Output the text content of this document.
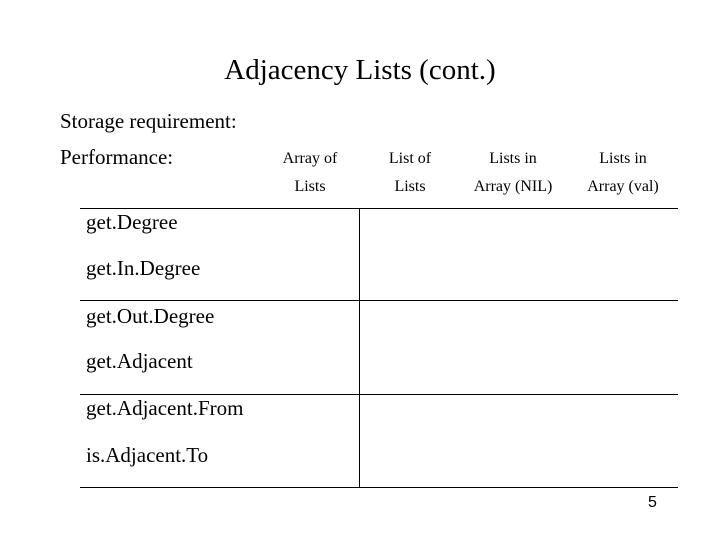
Adjacency Lists (cont.)
Storage requirement:
Performance:	Array of
Lists
List of
Lists
Lists in
Array (NIL)
Lists in
Array (val)
get.Degree
get.In.Degree
get.Out.Degree
get.Adjacent
get.Adjacent.From
is.Adjacent.To
5
